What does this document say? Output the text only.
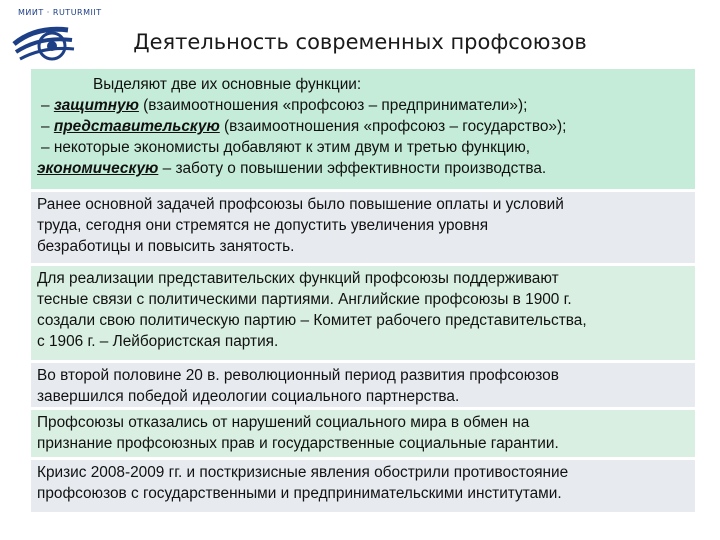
МИИТ · RUTURMIIT
Деятельность современных профсоюзов
Выделяют две их основные функции:
– защитную (взаимоотношения «профсоюз – предприниматели»);
– представительскую (взаимоотношения «профсоюз – государство»);
– некоторые экономисты добавляют к этим двум и третью функцию,
экономическую – заботу о повышении эффективности производства.
Ранее основной задачей профсоюзы было повышение оплаты и условий
труда, сегодня они стремятся не допустить увеличения уровня
безработицы и повысить занятость.
Для реализации представительских функций профсоюзы поддерживают
тесные связи с политическими партиями. Английские профсоюзы в 1900 г.
создали свою политическую партию – Комитет рабочего представительства,
с 1906 г. – Лейбористская партия.
Во второй половине 20 в. революционный период развития профсоюзов
завершился победой идеологии социального партнерства.
Профсоюзы отказались от нарушений социального мира в обмен на
признание профсоюзных прав и государственные социальные гарантии.
Кризис 2008-2009 гг. и посткризисные явления обострили противостояние
профсоюзов с государственными и предпринимательскими институтами.
